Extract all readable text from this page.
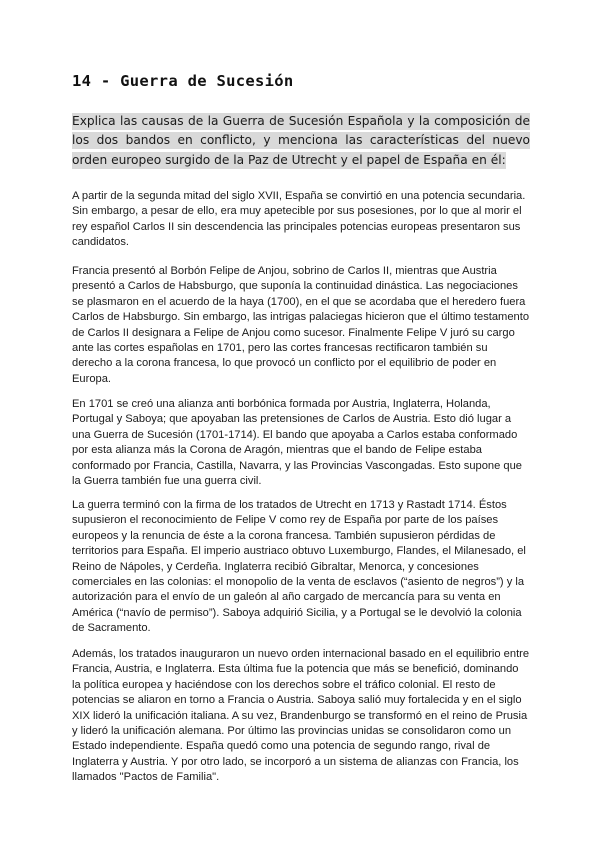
14 - Guerra de Sucesión

Explica las causas de la Guerra de Sucesión Española y la composición de los dos bandos en conflicto, y menciona las características del nuevo orden europeo surgido de la Paz de Utrecht y el papel de España en él:

A partir de la segunda mitad del siglo XVII, España se convirtió en una potencia secundaria. Sin embargo, a pesar de ello, era muy apetecible por sus posesiones, por lo que al morir el rey español Carlos II sin descendencia las principales potencias europeas presentaron sus candidatos.

Francia presentó al Borbón Felipe de Anjou, sobrino de Carlos II, mientras que Austria presentó a Carlos de Habsburgo, que suponía la continuidad dinástica. Las negociaciones se plasmaron en el acuerdo de la haya (1700), en el que se acordaba que el heredero fuera Carlos de Habsburgo. Sin embargo, las intrigas palaciegas hicieron que el último testamento de Carlos II designara a Felipe de Anjou como sucesor. Finalmente Felipe V juró su cargo ante las cortes españolas en 1701, pero las cortes francesas rectificaron también su derecho a la corona francesa, lo que provocó un conflicto por el equilibrio de poder en Europa.

En 1701 se creó una alianza anti borbónica formada por Austria, Inglaterra, Holanda, Portugal y Saboya; que apoyaban las pretensiones de Carlos de Austria. Esto dió lugar a una Guerra de Sucesión (1701-1714). El bando que apoyaba a Carlos estaba conformado por esta alianza más la Corona de Aragón, mientras que el bando de Felipe estaba conformado por Francia, Castilla, Navarra, y las Provincias Vascongadas. Esto supone que la Guerra también fue una guerra civil.

La guerra terminó con la firma de los tratados de Utrecht en 1713 y Rastadt 1714. Éstos supusieron el reconocimiento de Felipe V como rey de España por parte de los países europeos y la renuncia de éste a la corona francesa. También supusieron pérdidas de territorios para España. El imperio austriaco obtuvo Luxemburgo, Flandes, el Milanesado, el Reino de Nápoles, y Cerdeña. Inglaterra recibió Gibraltar, Menorca, y concesiones comerciales en las colonias: el monopolio de la venta de esclavos (“asiento de negros”) y la autorización para el envío de un galeón al año cargado de mercancía para su venta en América (“navío de permiso”). Saboya adquirió Sicilia, y a Portugal se le devolvió la colonia de Sacramento.

Además, los tratados inauguraron un nuevo orden internacional basado en el equilibrio entre Francia, Austria, e Inglaterra. Esta última fue la potencia que más se benefició, dominando la política europea y haciéndose con los derechos sobre el tráfico colonial. El resto de potencias se aliaron en torno a Francia o Austria. Saboya salió muy fortalecida y en el siglo XIX lideró la unificación italiana. A su vez, Brandenburgo se transformó en el reino de Prusia y lideró la unificación alemana. Por último las provincias unidas se consolidaron como un Estado independiente. España quedó como una potencia de segundo rango, rival de Inglaterra y Austria. Y por otro lado, se incorporó a un sistema de alianzas con Francia, los llamados "Pactos de Familia".
